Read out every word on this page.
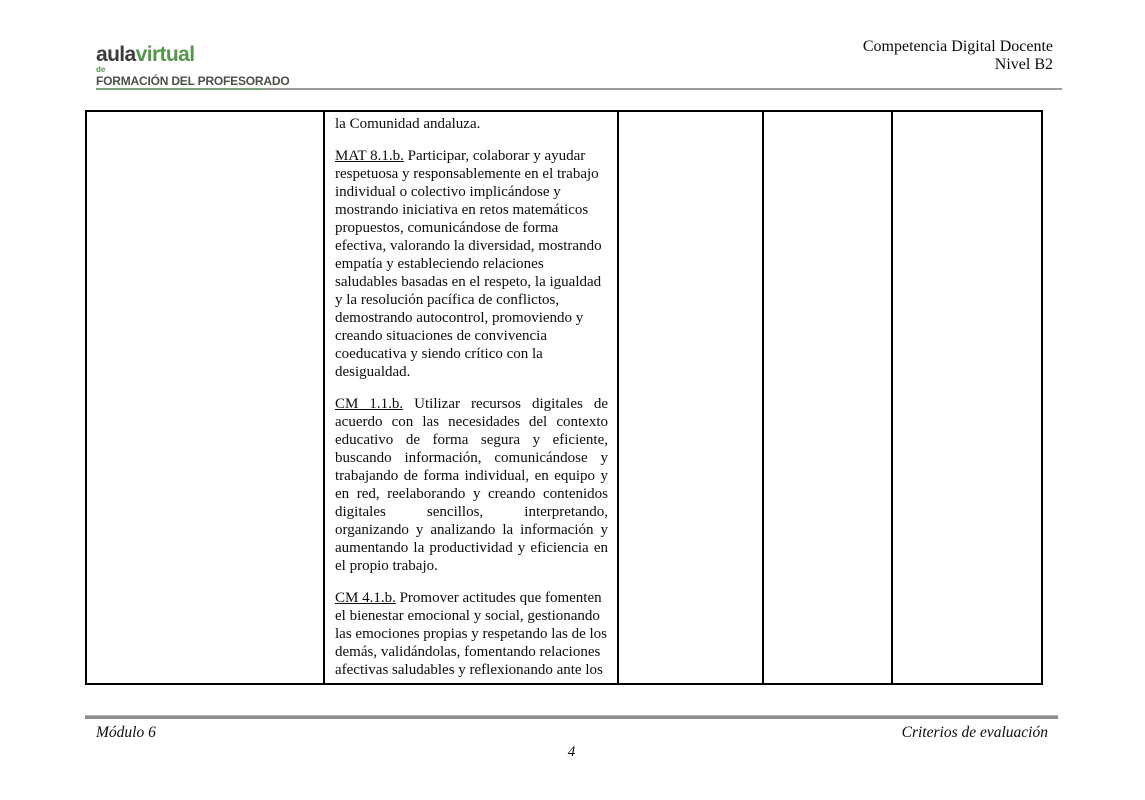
aulavirtual
de
FORMACIÓN DEL PROFESORADO
Competencia Digital Docente
Nivel B2

la Comunidad andaluza.

MAT 8.1.b. Participar, colaborar y ayudar respetuosa y responsablemente en el trabajo individual o colectivo implicándose y mostrando iniciativa en retos matemáticos propuestos, comunicándose de forma efectiva, valorando la diversidad, mostrando empatía y estableciendo relaciones saludables basadas en el respeto, la igualdad y la resolución pacífica de conflictos, demostrando autocontrol, promoviendo y creando situaciones de convivencia coeducativa y siendo crítico con la desigualdad.

CM 1.1.b. Utilizar recursos digitales de acuerdo con las necesidades del contexto educativo de forma segura y eficiente, buscando información, comunicándose y trabajando de forma individual, en equipo y en red, reelaborando y creando contenidos digitales sencillos, interpretando, organizando y analizando la información y aumentando la productividad y eficiencia en el propio trabajo.

CM 4.1.b. Promover actitudes que fomenten el bienestar emocional y social, gestionando las emociones propias y respetando las de los demás, validándolas, fomentando relaciones afectivas saludables y reflexionando ante los

Módulo 6	Criterios de evaluación
4
